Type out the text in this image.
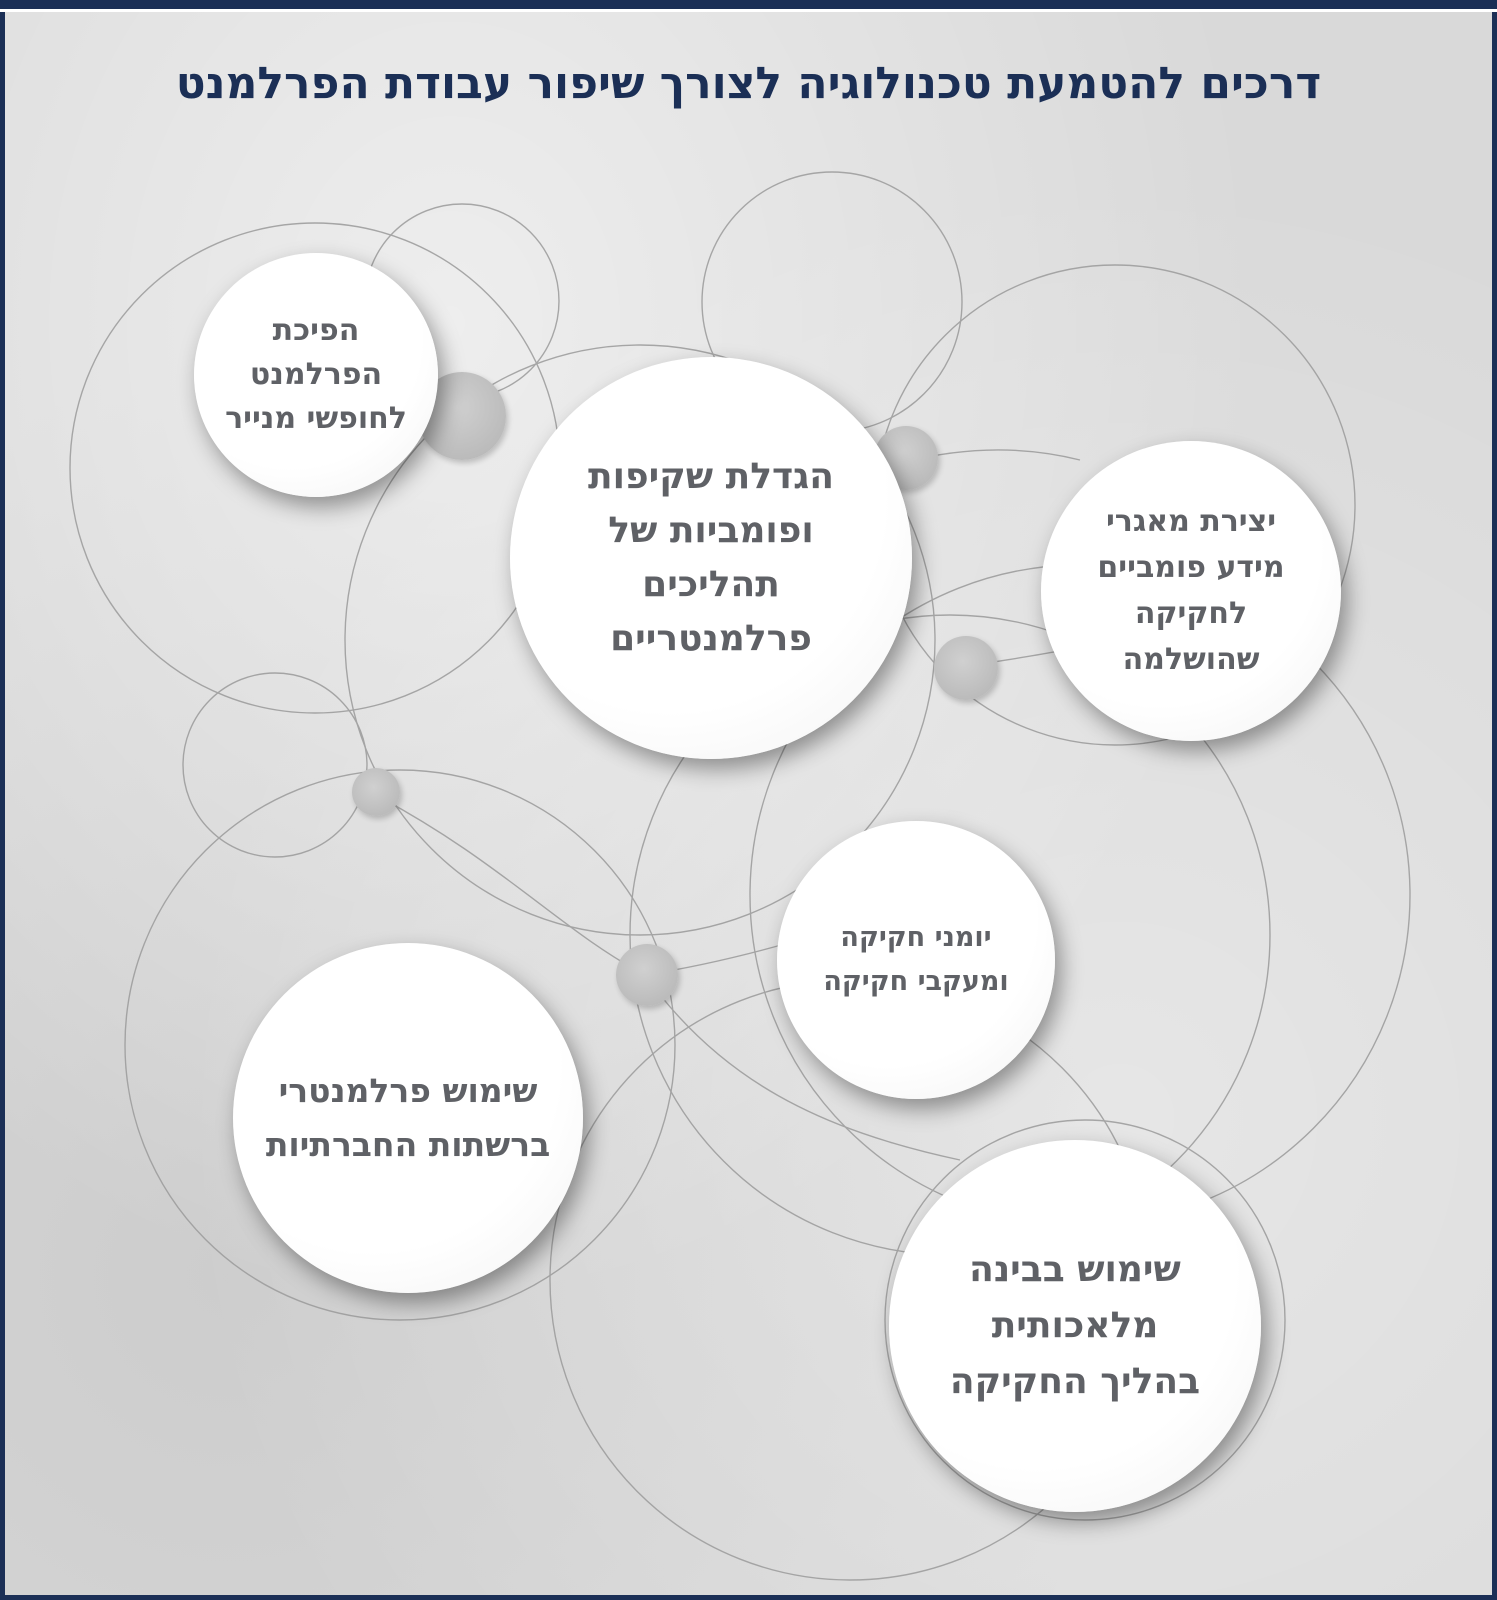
דרכים להטמעת טכנולוגיה לצורך שיפור עבודת הפרלמנט
הפיכת
הפרלמנט
לחופשי מנייר
הגדלת שקיפות
ופומביות של
תהליכים
פרלמנטריים
יצירת מאגרי
מידע פומביים
לחקיקה
שהושלמה
יומני חקיקה
ומעקבי חקיקה
שימוש פרלמנטרי
ברשתות החברתיות
שימוש בבינה
מלאכותית
בהליך החקיקה
